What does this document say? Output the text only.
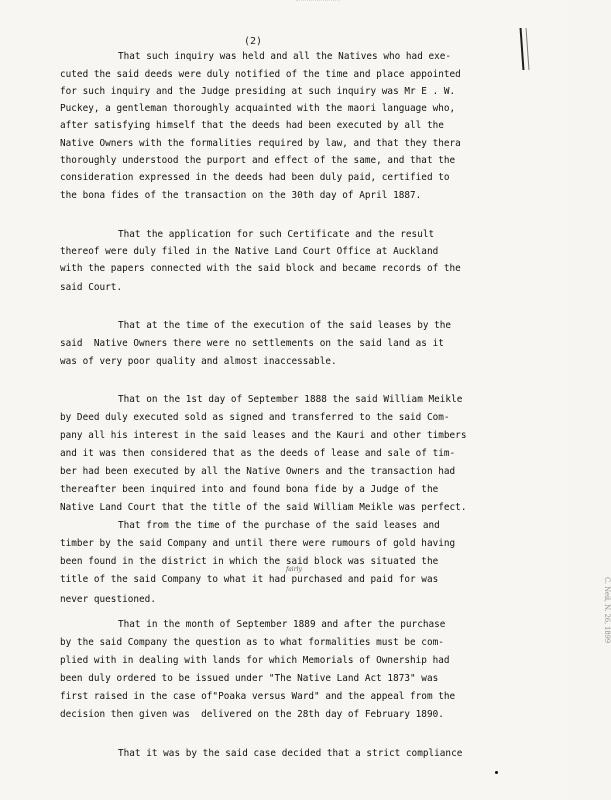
(2)
That such inquiry was held and all the Natives who had exe-
cuted the said deeds were duly notified of the time and place appointed
for such inquiry and the Judge presiding at such inquiry was Mr E . W.
Puckey, a gentleman thoroughly acquainted with the maori language who,
after satisfying himself that the deeds had been executed by all the
Native Owners with the formalities required by law, and that they thera
thoroughly understood the purport and effect of the same, and that the
consideration expressed in the deeds had been duly paid, certified to
the bona fides of the transaction on the 30th day of April 1887.
That the application for such Certificate and the result
thereof were duly filed in the Native Land Court Office at Auckland
with the papers connected with the said block and became records of the
said Court.
That at the time of the execution of the said leases by the
said  Native Owners there were no settlements on the said land as it
was of very poor quality and almost inaccessable.
That on the 1st day of September 1888 the said William Meikle
by Deed duly executed sold as signed and transferred to the said Com-
pany all his interest in the said leases and the Kauri and other timbers
and it was then considered that as the deeds of lease and sale of tim-
ber had been executed by all the Native Owners and the transaction had
thereafter been inquired into and found bona fide by a Judge of the
Native Land Court that the title of the said William Meikle was perfect.
That from the time of the purchase of the said leases and
timber by the said Company and until there were rumours of gold having
been found in the district in which the said block was situated the
title of the said Company to what it had purchased and paid for was
fairly
never questioned.
That in the month of September 1889 and after the purchase
by the said Company the question as to what formalities must be com-
plied with in dealing with lands for which Memorials of Ownership had
been duly ordered to be issued under "The Native Land Act 1873" was
first raised in the case of"Poaka versus Ward" and the appeal from the
decision then given was  delivered on the 28th day of February 1890.
That it was by the said case decided that a strict compliance
C. Neil, N. 26, 1899
